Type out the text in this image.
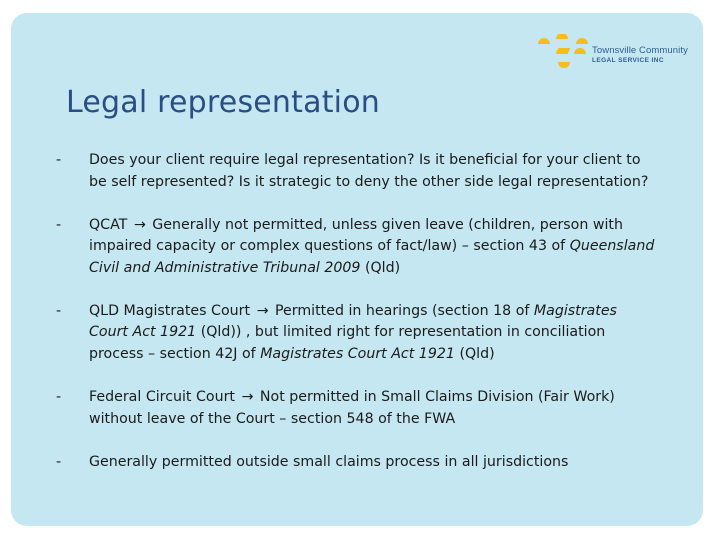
Townsville Community
LEGAL SERVICE INC
Legal representation
- Does your client require legal representation? Is it beneficial for your client to be self represented? Is it strategic to deny the other side legal representation?
- QCAT → Generally not permitted, unless given leave (children, person with impaired capacity or complex questions of fact/law) – section 43 of Queensland Civil and Administrative Tribunal 2009 (Qld)
- QLD Magistrates Court → Permitted in hearings (section 18 of Magistrates Court Act 1921 (Qld)) , but limited right for representation in conciliation process – section 42J of Magistrates Court Act 1921 (Qld)
- Federal Circuit Court → Not permitted in Small Claims Division (Fair Work) without leave of the Court – section 548 of the FWA
- Generally permitted outside small claims process in all jurisdictions
